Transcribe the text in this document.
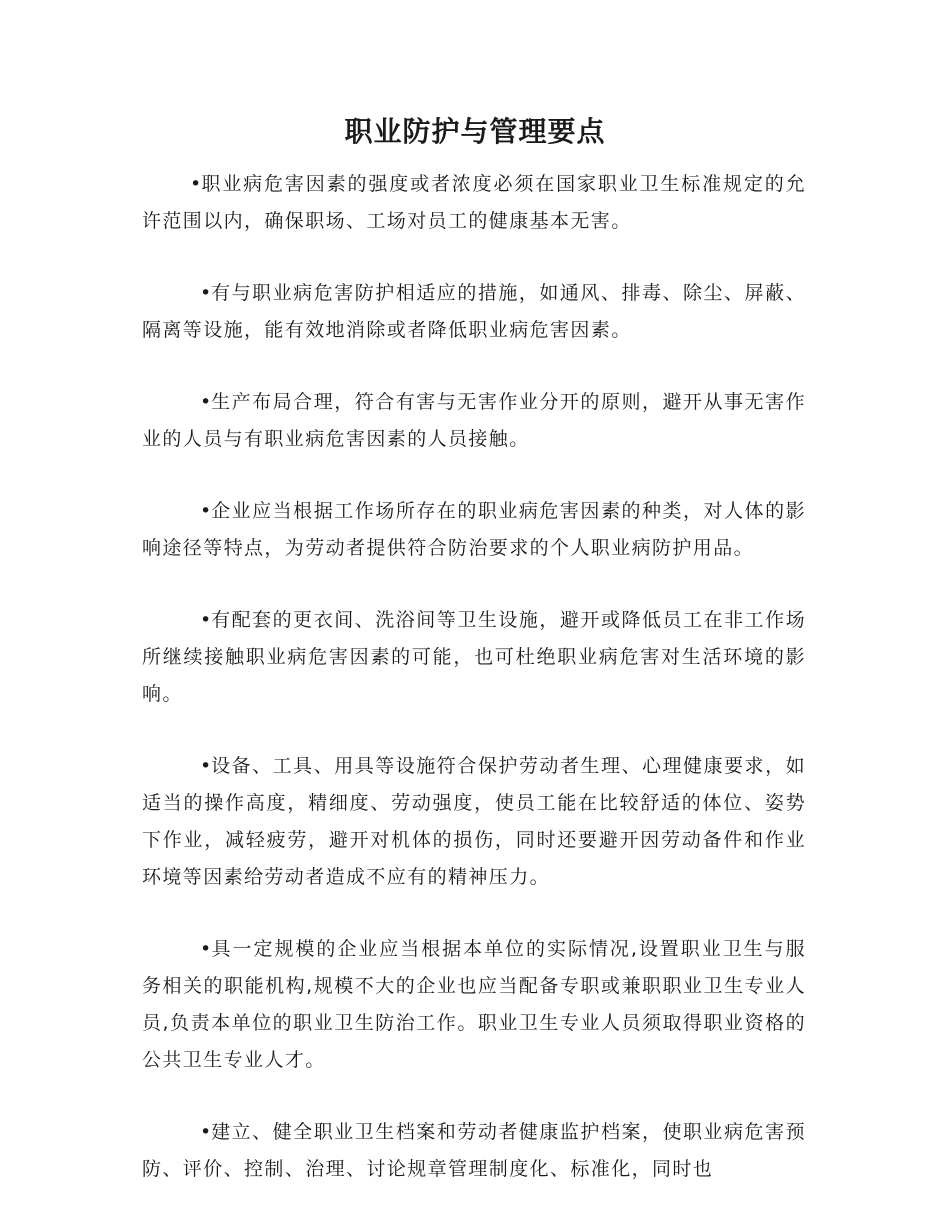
职业防护与管理要点

•职业病危害因素的强度或者浓度必须在国家职业卫生标准规定的允许范围以内，确保职场、工场对员工的健康基本无害。

•有与职业病危害防护相适应的措施，如通风、排毒、除尘、屏蔽、隔离等设施，能有效地消除或者降低职业病危害因素。

•生产布局合理，符合有害与无害作业分开的原则，避开从事无害作业的人员与有职业病危害因素的人员接触。

•企业应当根据工作场所存在的职业病危害因素的种类，对人体的影响途径等特点，为劳动者提供符合防治要求的个人职业病防护用品。

•有配套的更衣间、洗浴间等卫生设施，避开或降低员工在非工作场所继续接触职业病危害因素的可能，也可杜绝职业病危害对生活环境的影响。

•设备、工具、用具等设施符合保护劳动者生理、心理健康要求，如适当的操作高度，精细度、劳动强度，使员工能在比较舒适的体位、姿势下作业，减轻疲劳，避开对机体的损伤，同时还要避开因劳动备件和作业环境等因素给劳动者造成不应有的精神压力。

•具一定规模的企业应当根据本单位的实际情况,设置职业卫生与服务相关的职能机构,规模不大的企业也应当配备专职或兼职职业卫生专业人员,负责本单位的职业卫生防治工作。职业卫生专业人员须取得职业资格的公共卫生专业人才。

•建立、健全职业卫生档案和劳动者健康监护档案，使职业病危害预防、评价、控制、治理、讨论规章管理制度化、标准化，同时也
